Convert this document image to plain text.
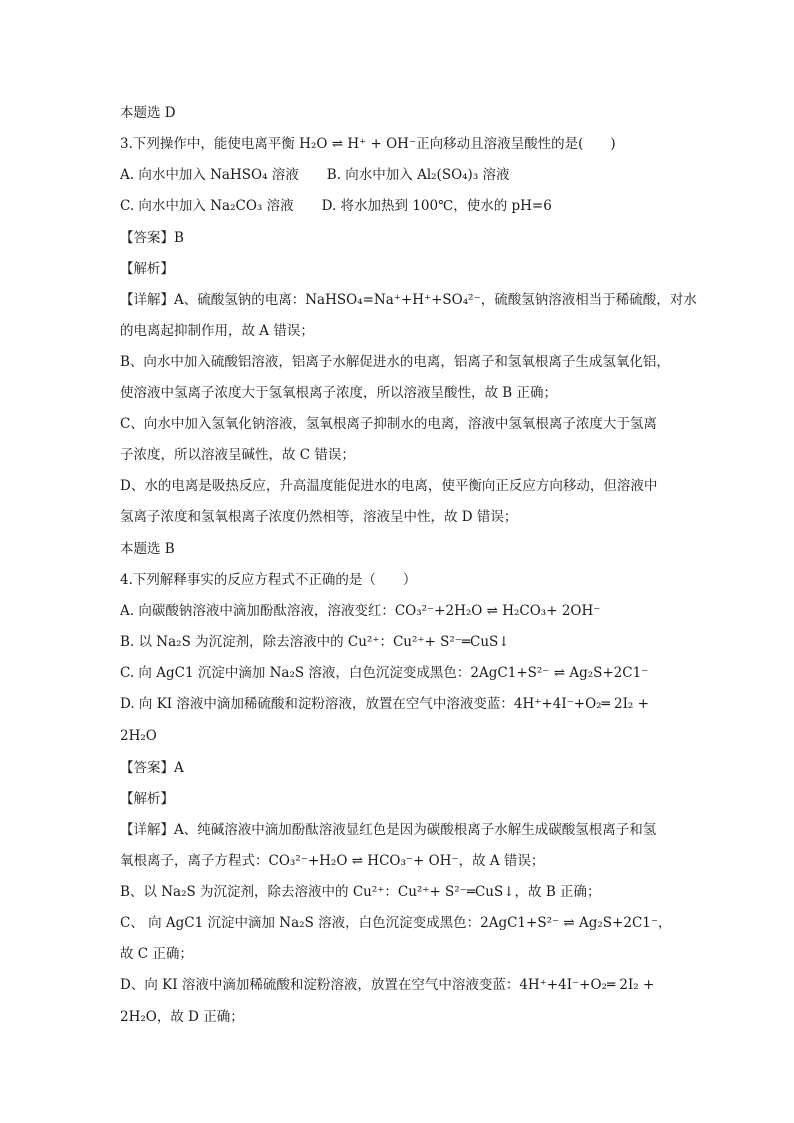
本题选 D
3.下列操作中，能使电离平衡 H₂O ⇌ H⁺ + OH⁻正向移动且溶液呈酸性的是(　　)
A. 向水中加入 NaHSO₄ 溶液 B. 向水中加入 Al₂(SO₄)₃ 溶液
C. 向水中加入 Na₂CO₃ 溶液 D. 将水加热到 100℃，使水的 pH=6
【答案】B
【解析】
【详解】A、硫酸氢钠的电离：NaHSO₄=Na⁺+H⁺+SO₄²⁻，硫酸氢钠溶液相当于稀硫酸，对水
的电离起抑制作用，故 A 错误；
B、向水中加入硫酸铝溶液，铝离子水解促进水的电离，铝离子和氢氧根离子生成氢氧化铝，
使溶液中氢离子浓度大于氢氧根离子浓度，所以溶液呈酸性，故 B 正确；
C、向水中加入氢氧化钠溶液，氢氧根离子抑制水的电离，溶液中氢氧根离子浓度大于氢离
子浓度，所以溶液呈碱性，故 C 错误；
D、水的电离是吸热反应，升高温度能促进水的电离，使平衡向正反应方向移动，但溶液中
氢离子浓度和氢氧根离子浓度仍然相等，溶液呈中性，故 D 错误；
本题选 B
4.下列解释事实的反应方程式不正确的是（　　）
A. 向碳酸钠溶液中滴加酚酞溶液，溶液变红：CO₃²⁻+2H₂O ⇌ H₂CO₃+ 2OH⁻
B. 以 Na₂S 为沉淀剂，除去溶液中的 Cu²⁺：Cu²⁺+ S²⁻═CuS↓
C. 向 AgC1 沉淀中滴加 Na₂S 溶液，白色沉淀变成黑色：2AgC1+S²⁻ ⇌ Ag₂S+2C1⁻
D. 向 KI 溶液中滴加稀硫酸和淀粉溶液，放置在空气中溶液变蓝：4H⁺+4I⁻+O₂═ 2I₂ +
2H₂O
【答案】A
【解析】
【详解】A、纯碱溶液中滴加酚酞溶液显红色是因为碳酸根离子水解生成碳酸氢根离子和氢
氧根离子，离子方程式：CO₃²⁻+H₂O ⇌ HCO₃⁻+ OH⁻，故 A 错误；
B、以 Na₂S 为沉淀剂，除去溶液中的 Cu²⁺：Cu²⁺+ S²⁻═CuS↓，故 B 正确；
C、 向 AgC1 沉淀中滴加 Na₂S 溶液，白色沉淀变成黑色：2AgC1+S²⁻ ⇌ Ag₂S+2C1⁻，
故 C 正确；
D、向 KI 溶液中滴加稀硫酸和淀粉溶液，放置在空气中溶液变蓝：4H⁺+4I⁻+O₂═ 2I₂ +
2H₂O，故 D 正确；
